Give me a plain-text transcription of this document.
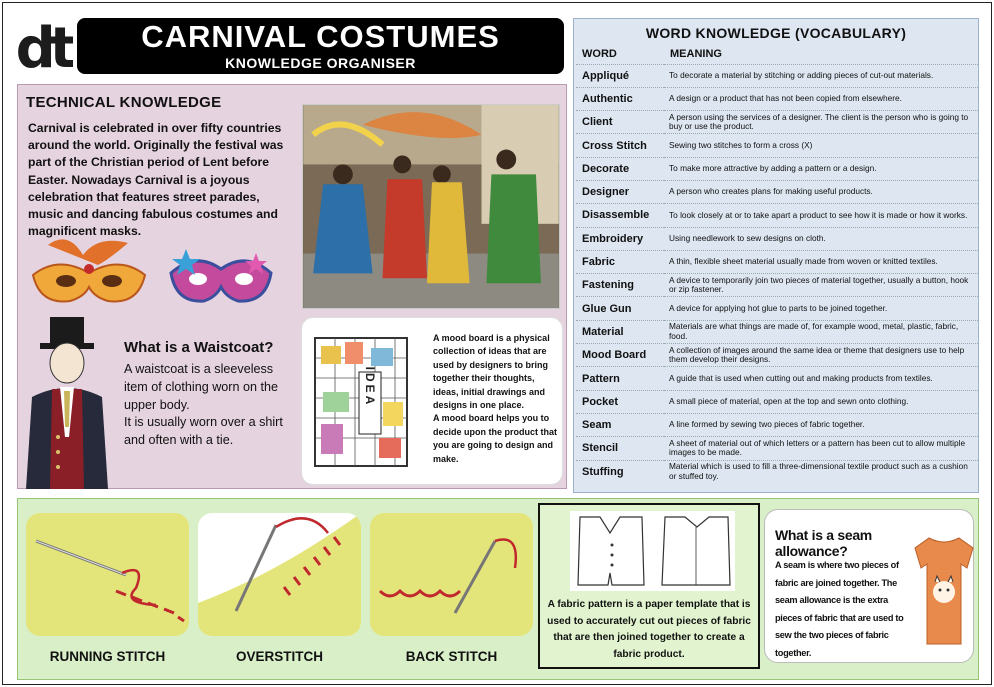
dt	CARNIVAL COSTUMES
KNOWLEDGE ORGANISER
TECHNICAL KNOWLEDGE

Carnival is celebrated in over fifty countries around the world. Originally the festival was part of the Christian period of Lent before Easter. Nowadays Carnival is a joyous celebration that features street parades, music and dancing fabulous costumes and magnificent masks.

What is a Waistcoat?
A waistcoat is a sleeveless item of clothing worn on the upper body.
It is usually worn over a shirt and often with a tie.
IDEA
A mood board is a physical collection of ideas that are used by designers to bring together their thoughts, ideas, initial drawings and designs in one place.
A mood board helps you to decide upon the product that you are going to design and make.
WORD KNOWLEDGE (VOCABULARY)
WORD	MEANING
Appliqué	To decorate a material by stitching or adding pieces of cut-out materials.
Authentic	A design or a product that has not been copied from elsewhere.
Client	A person using the services of a designer. The client is the person who is going to buy or use the product.
Cross Stitch	Sewing two stitches to form a cross (X)
Decorate	To make more attractive by adding a pattern or a design.
Designer	A person who creates plans for making useful products.
Disassemble	To look closely at or to take apart a product to see how it is made or how it works.
Embroidery	Using needlework to sew designs on cloth.
Fabric	A thin, flexible sheet material usually made from woven or knitted textiles.
Fastening	A device to temporarily join two pieces of material together, usually a button, hook or zip fastener.
Glue Gun	A device for applying hot glue to parts to be joined together.
Material	Materials are what things are made of, for example wood, metal, plastic, fabric, food.
Mood Board	A collection of images around the same idea or theme that designers use to help them develop their designs.
Pattern	A guide that is used when cutting out and making products from textiles.
Pocket	A small piece of material, open at the top and sewn onto clothing.
Seam	A line formed by sewing two pieces of fabric together.
Stencil	A sheet of material out of which letters or a pattern has been cut to allow multiple images to be made.
Stuffing	Material which is used to fill a three-dimensional textile product such as a cushion or stuffed toy.
RUNNING STITCH	OVERSTITCH	BACK STITCH
A fabric pattern is a paper template that is used to accurately cut out pieces of fabric that are then joined together to create a fabric product.
What is a seam allowance?
A seam is where two pieces of fabric are joined together. The seam allowance is the extra pieces of fabric that are used to sew the two pieces of fabric together.
